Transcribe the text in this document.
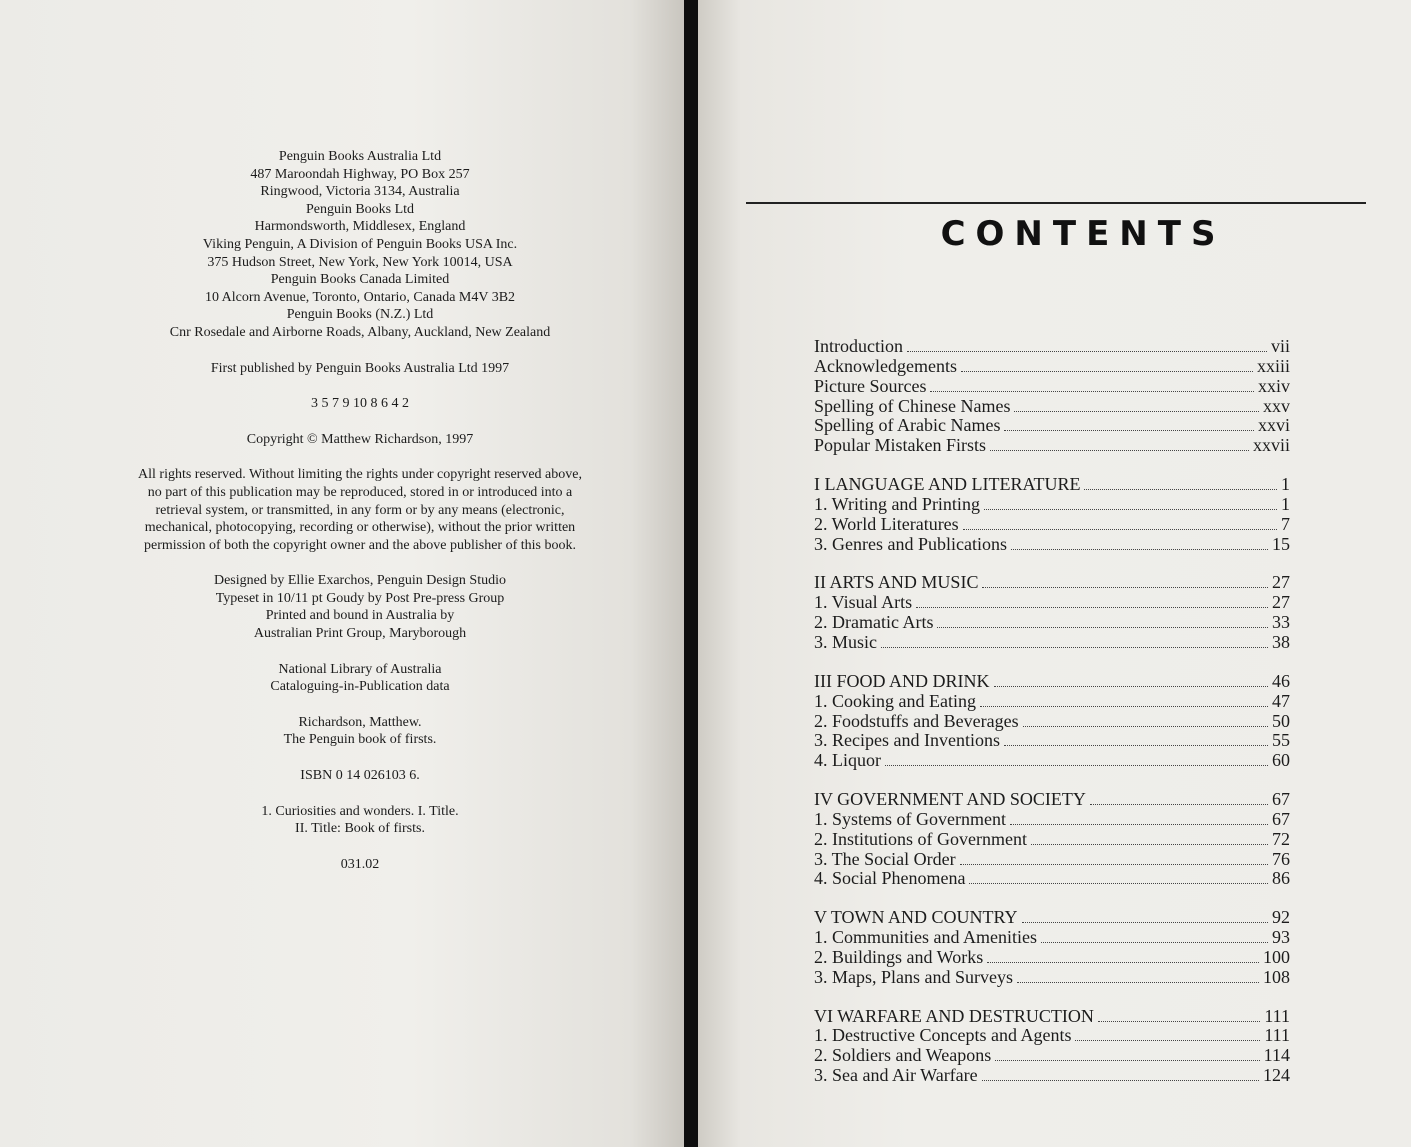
Penguin Books Australia Ltd
487 Maroondah Highway, PO Box 257
Ringwood, Victoria 3134, Australia
Penguin Books Ltd
Harmondsworth, Middlesex, England
Viking Penguin, A Division of Penguin Books USA Inc.
375 Hudson Street, New York, New York 10014, USA
Penguin Books Canada Limited
10 Alcorn Avenue, Toronto, Ontario, Canada M4V 3B2
Penguin Books (N.Z.) Ltd
Cnr Rosedale and Airborne Roads, Albany, Auckland, New Zealand
First published by Penguin Books Australia Ltd 1997
3 5 7 9 10 8 6 4 2
Copyright © Matthew Richardson, 1997
All rights reserved. Without limiting the rights under copyright reserved above,
no part of this publication may be reproduced, stored in or introduced into a
retrieval system, or transmitted, in any form or by any means (electronic,
mechanical, photocopying, recording or otherwise), without the prior written
permission of both the copyright owner and the above publisher of this book.
Designed by Ellie Exarchos, Penguin Design Studio
Typeset in 10/11 pt Goudy by Post Pre-press Group
Printed and bound in Australia by
Australian Print Group, Maryborough
National Library of Australia
Cataloguing-in-Publication data
Richardson, Matthew.
The Penguin book of firsts.
ISBN 0 14 026103 6.
1. Curiosities and wonders. I. Title.
II. Title: Book of firsts.
031.02
CONTENTS
Introduction	vii
Acknowledgements	xxiii
Picture Sources	xxiv
Spelling of Chinese Names	xxv
Spelling of Arabic Names	xxvi
Popular Mistaken Firsts	xxvii
I LANGUAGE AND LITERATURE	1
1. Writing and Printing	1
2. World Literatures	7
3. Genres and Publications	15
II ARTS AND MUSIC	27
1. Visual Arts	27
2. Dramatic Arts	33
3. Music	38
III FOOD AND DRINK	46
1. Cooking and Eating	47
2. Foodstuffs and Beverages	50
3. Recipes and Inventions	55
4. Liquor	60
IV GOVERNMENT AND SOCIETY	67
1. Systems of Government	67
2. Institutions of Government	72
3. The Social Order	76
4. Social Phenomena	86
V TOWN AND COUNTRY	92
1. Communities and Amenities	93
2. Buildings and Works	100
3. Maps, Plans and Surveys	108
VI WARFARE AND DESTRUCTION	111
1. Destructive Concepts and Agents	111
2. Soldiers and Weapons	114
3. Sea and Air Warfare	124
